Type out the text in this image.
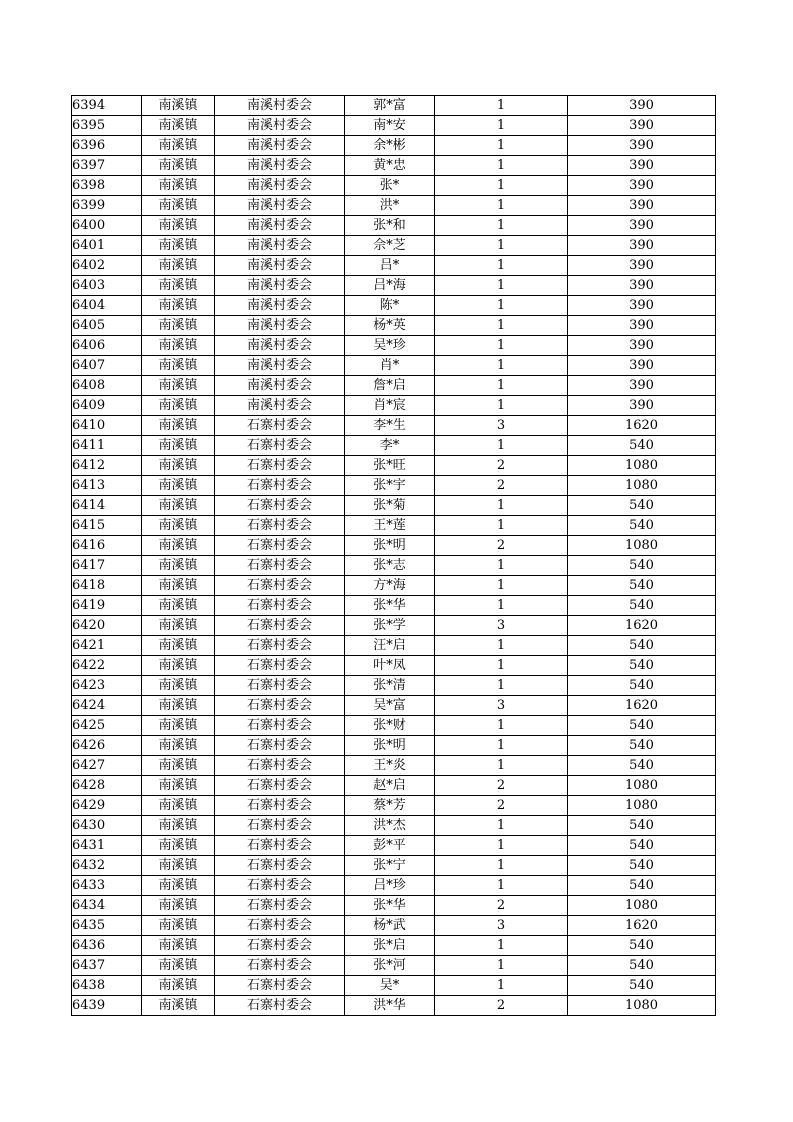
6394	南溪镇	南溪村委会	郭*富	1	390
6395	南溪镇	南溪村委会	南*安	1	390
6396	南溪镇	南溪村委会	余*彬	1	390
6397	南溪镇	南溪村委会	黄*忠	1	390
6398	南溪镇	南溪村委会	张*	1	390
6399	南溪镇	南溪村委会	洪*	1	390
6400	南溪镇	南溪村委会	张*和	1	390
6401	南溪镇	南溪村委会	佘*芝	1	390
6402	南溪镇	南溪村委会	吕*	1	390
6403	南溪镇	南溪村委会	吕*海	1	390
6404	南溪镇	南溪村委会	陈*	1	390
6405	南溪镇	南溪村委会	杨*英	1	390
6406	南溪镇	南溪村委会	吴*珍	1	390
6407	南溪镇	南溪村委会	肖*	1	390
6408	南溪镇	南溪村委会	詹*启	1	390
6409	南溪镇	南溪村委会	肖*宸	1	390
6410	南溪镇	石寨村委会	李*生	3	1620
6411	南溪镇	石寨村委会	李*	1	540
6412	南溪镇	石寨村委会	张*旺	2	1080
6413	南溪镇	石寨村委会	张*宇	2	1080
6414	南溪镇	石寨村委会	张*菊	1	540
6415	南溪镇	石寨村委会	王*莲	1	540
6416	南溪镇	石寨村委会	张*明	2	1080
6417	南溪镇	石寨村委会	张*志	1	540
6418	南溪镇	石寨村委会	方*海	1	540
6419	南溪镇	石寨村委会	张*华	1	540
6420	南溪镇	石寨村委会	张*学	3	1620
6421	南溪镇	石寨村委会	汪*启	1	540
6422	南溪镇	石寨村委会	叶*凤	1	540
6423	南溪镇	石寨村委会	张*清	1	540
6424	南溪镇	石寨村委会	吴*富	3	1620
6425	南溪镇	石寨村委会	张*财	1	540
6426	南溪镇	石寨村委会	张*明	1	540
6427	南溪镇	石寨村委会	王*炎	1	540
6428	南溪镇	石寨村委会	赵*启	2	1080
6429	南溪镇	石寨村委会	蔡*芳	2	1080
6430	南溪镇	石寨村委会	洪*杰	1	540
6431	南溪镇	石寨村委会	彭*平	1	540
6432	南溪镇	石寨村委会	张*宁	1	540
6433	南溪镇	石寨村委会	吕*珍	1	540
6434	南溪镇	石寨村委会	张*华	2	1080
6435	南溪镇	石寨村委会	杨*武	3	1620
6436	南溪镇	石寨村委会	张*启	1	540
6437	南溪镇	石寨村委会	张*河	1	540
6438	南溪镇	石寨村委会	吴*	1	540
6439	南溪镇	石寨村委会	洪*华	2	1080
